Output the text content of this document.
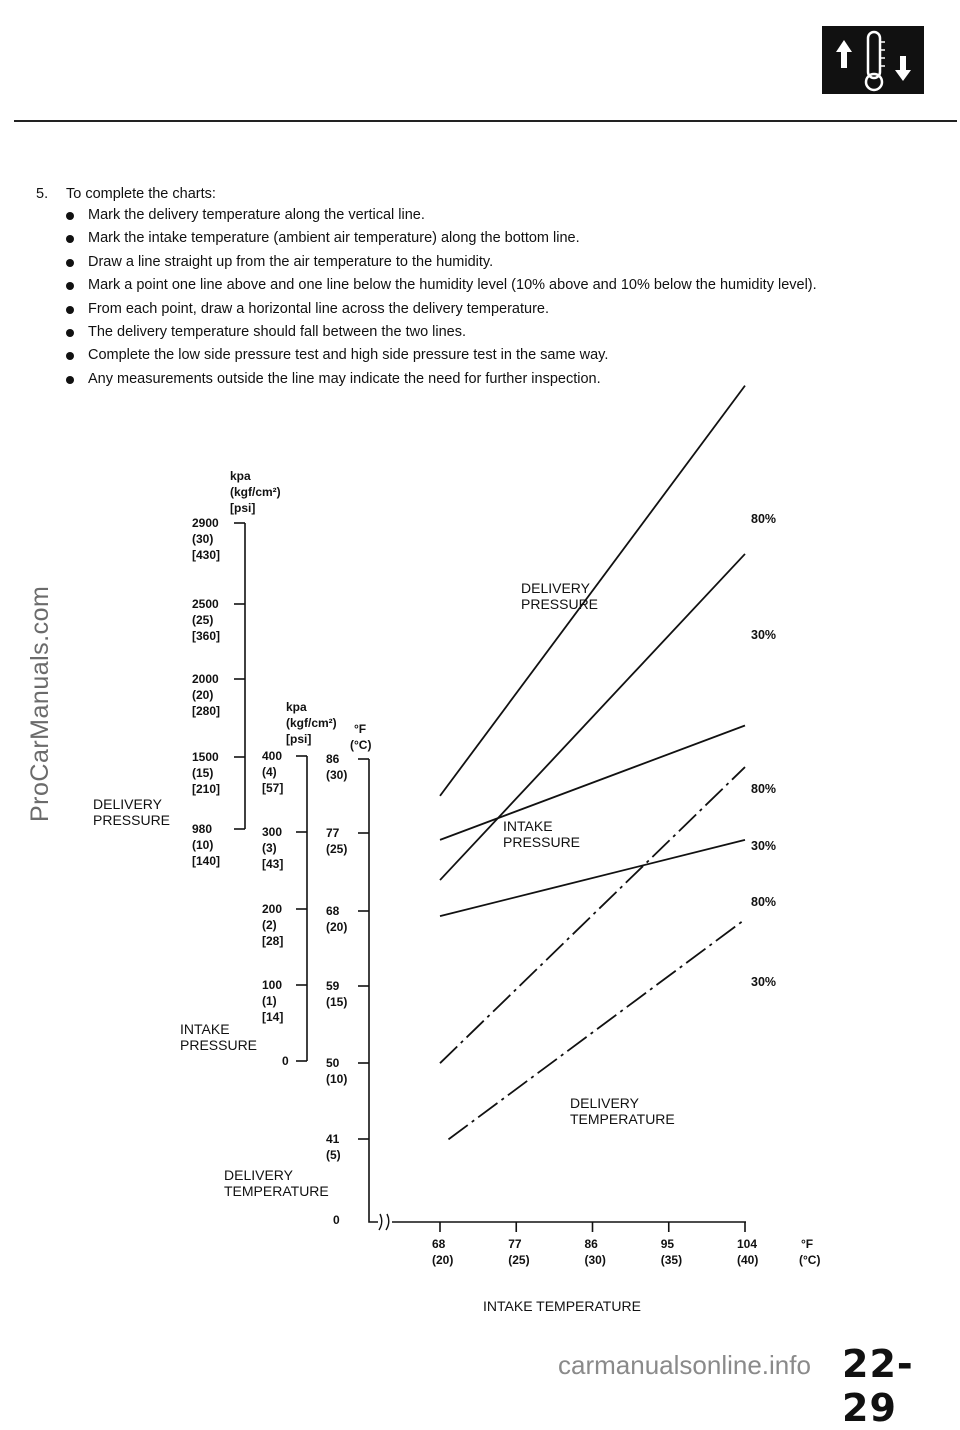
5. To complete the charts:
Mark the delivery temperature along the vertical line.
Mark the intake temperature (ambient air temperature) along the bottom line.
Draw a line straight up from the air temperature to the humidity.
Mark a point one line above and one line below the humidity level (10% above and 10% below the humidity level).
From each point, draw a horizontal line across the delivery temperature.
The delivery temperature should fall between the two lines.
Complete the low side pressure test and high side pressure test in the same way.
Any measurements outside the line may indicate the need for further inspection.
kpa
(kgf/cm²)
[psi]
2900
(30)
[430]
2500
(25)
[360]
2000
(20)
[280]
1500
(15)
[210]
980
(10)
[140]
DELIVERY
PRESSURE
kpa
(kgf/cm²)
[psi]
400
(4)
[57]
300
(3)
[43]
200
(2)
[28]
100
(1)
[14]
0
INTAKE
PRESSURE
°F
(°C)
86
(30)
77
(25)
68
(20)
59
(15)
50
(10)
41
(5)
DELIVERY
TEMPERATURE
0
68
(20)
77
(25)
86
(30)
95
(35)
104
(40)
°F
(°C)
INTAKE TEMPERATURE
80%
30%
80%
30%
80%
30%
DELIVERY
PRESSURE
INTAKE
PRESSURE
DELIVERY
TEMPERATURE
ProCarManuals.com
carmanualsonline.info 22-29
